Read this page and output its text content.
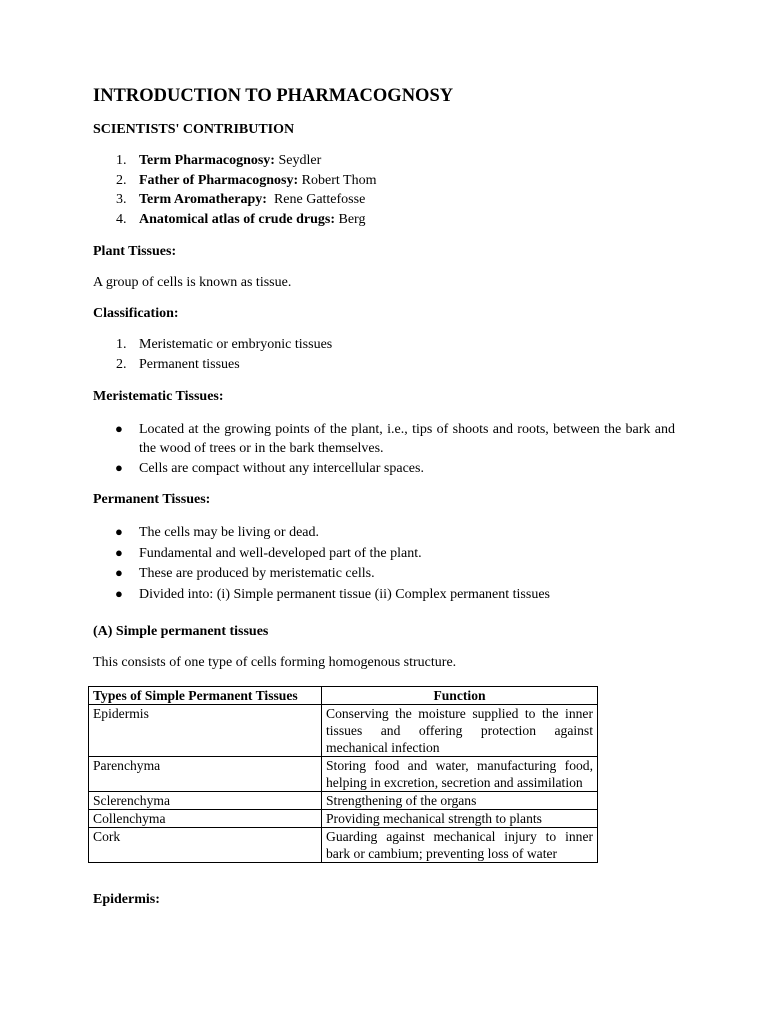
INTRODUCTION TO PHARMACOGNOSY
SCIENTISTS' CONTRIBUTION
1. Term Pharmacognosy: Seydler
2. Father of Pharmacognosy: Robert Thom
3. Term Aromatherapy:  Rene Gattefosse
4. Anatomical atlas of crude drugs: Berg
Plant Tissues:
A group of cells is known as tissue.
Classification:
1. Meristematic or embryonic tissues
2. Permanent tissues
Meristematic Tissues:
● Located at the growing points of the plant, i.e., tips of shoots and roots, between the bark and the wood of trees or in the bark themselves.
● Cells are compact without any intercellular spaces.
Permanent Tissues:
● The cells may be living or dead.
● Fundamental and well-developed part of the plant.
● These are produced by meristematic cells.
● Divided into: (i) Simple permanent tissue (ii) Complex permanent tissues
(A) Simple permanent tissues
This consists of one type of cells forming homogenous structure.
Types of Simple Permanent Tissues	Function
Epidermis	Conserving the moisture supplied to the inner tissues and offering protection against mechanical infection
Parenchyma	Storing food and water, manufacturing food, helping in excretion, secretion and assimilation
Sclerenchyma	Strengthening of the organs
Collenchyma	Providing mechanical strength to plants
Cork	Guarding against mechanical injury to inner bark or cambium; preventing loss of water
Epidermis:
